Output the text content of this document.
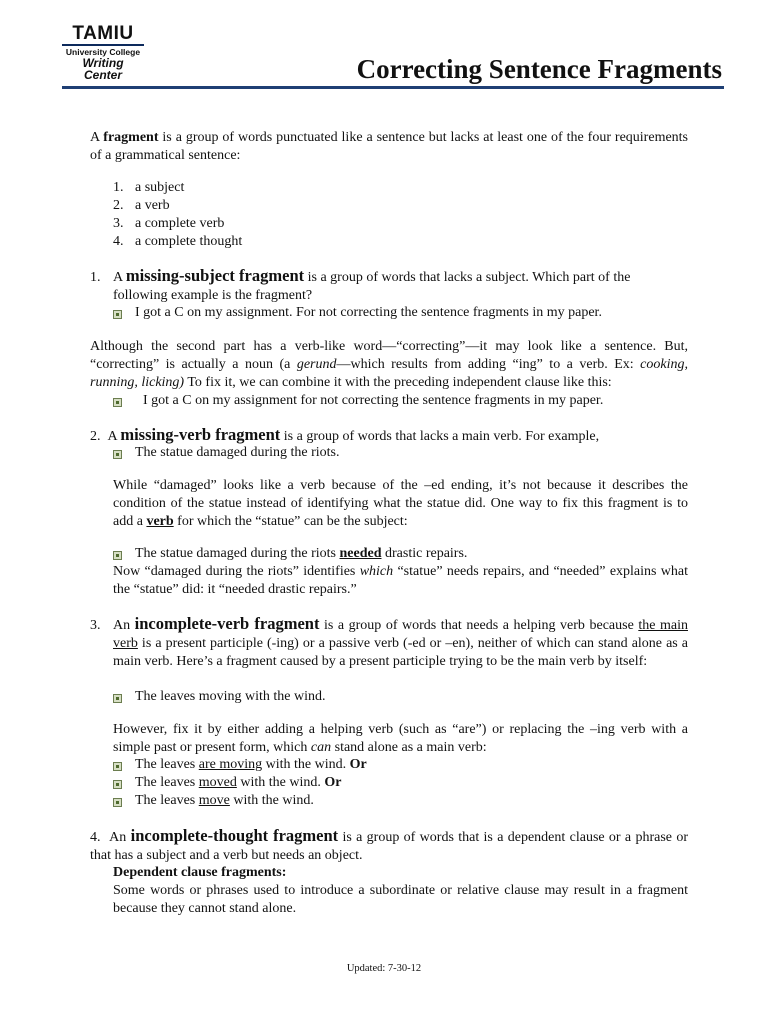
TAMIU
University College
Writing
Center	Correcting Sentence Fragments
A fragment is a group of words punctuated like a sentence but lacks at least one of the four requirements of a grammatical sentence:
1. a subject
2. a verb
3. a complete verb
4. a complete thought
1. A missing-subject fragment is a group of words that lacks a subject. Which part of the
following example is the fragment?
I got a C on my assignment. For not correcting the sentence fragments in my paper.
Although the second part has a verb-like word—“correcting”—it may look like a sentence. But, “correcting” is actually a noun (a gerund—which results from adding “ing” to a verb. Ex: cooking, running, licking) To fix it, we can combine it with the preceding independent clause like this:
I got a C on my assignment for not correcting the sentence fragments in my paper.
2. A missing-verb fragment is a group of words that lacks a main verb. For example,
The statue damaged during the riots.
While “damaged” looks like a verb because of the –ed ending, it’s not because it describes the condition of the statue instead of identifying what the statue did. One way to fix this fragment is to add a verb for which the “statue” can be the subject:
The statue damaged during the riots needed drastic repairs.
Now “damaged during the riots” identifies which “statue” needs repairs, and “needed” explains what the “statue” did: it “needed drastic repairs.”
3. An incomplete-verb fragment is a group of words that needs a helping verb because the main verb is a present participle (-ing) or a passive verb (-ed or –en), neither of which can stand alone as a main verb. Here’s a fragment caused by a present participle trying to be the main verb by itself:
The leaves moving with the wind.
However, fix it by either adding a helping verb (such as “are”) or replacing the –ing verb with a simple past or present form, which can stand alone as a main verb:
The leaves are moving with the wind. Or
The leaves moved with the wind. Or
The leaves move with the wind.
4. An incomplete-thought fragment is a group of words that is a dependent clause or a phrase or that has a subject and a verb but needs an object.
Dependent clause fragments:
Some words or phrases used to introduce a subordinate or relative clause may result in a fragment because they cannot stand alone.
Updated: 7-30-12
